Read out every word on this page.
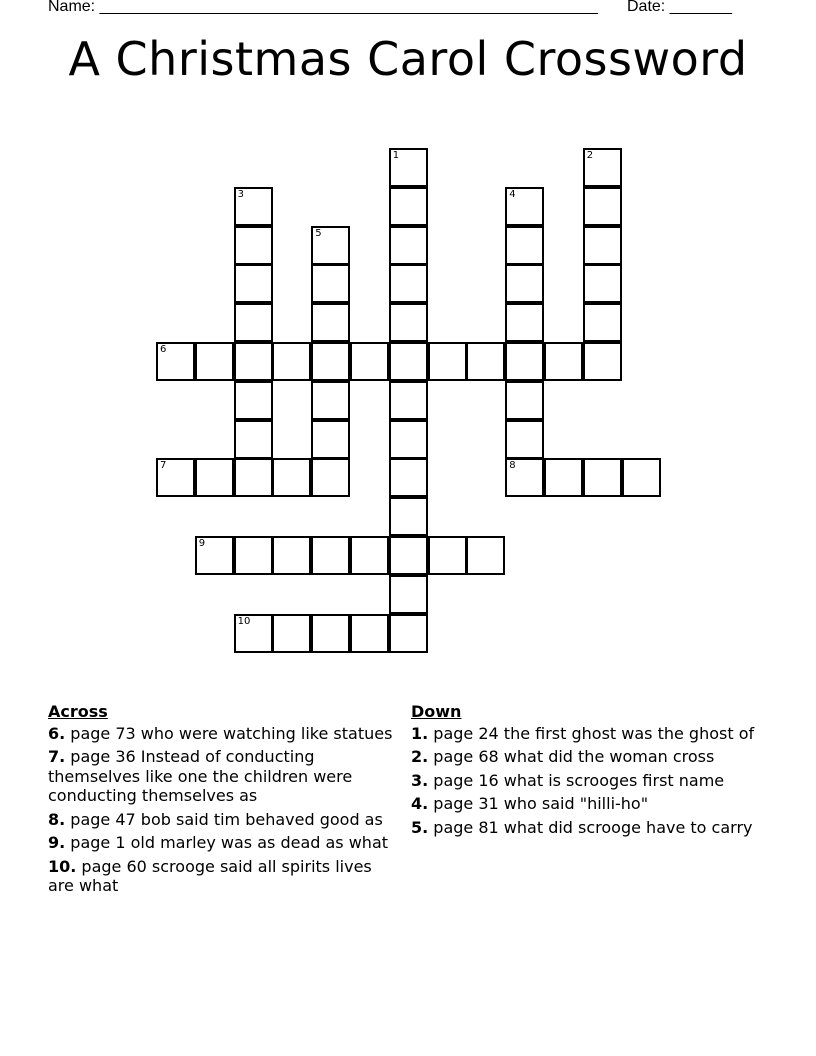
Name: ________________________________________________________ Date: _______
A Christmas Carol Crossword
1	2
3	4
5
6
7	8
9
10
Across
6. page 73 who were watching like statues
7. page 36 Instead of conducting themselves like one the children were conducting themselves as
8. page 47 bob said tim behaved good as
9. page 1 old marley was as dead as what
10. page 60 scrooge said all spirits lives are what
Down
1. page 24 the first ghost was the ghost of
2. page 68 what did the woman cross
3. page 16 what is scrooges first name
4. page 31 who said "hilli-ho"
5. page 81 what did scrooge have to carry
